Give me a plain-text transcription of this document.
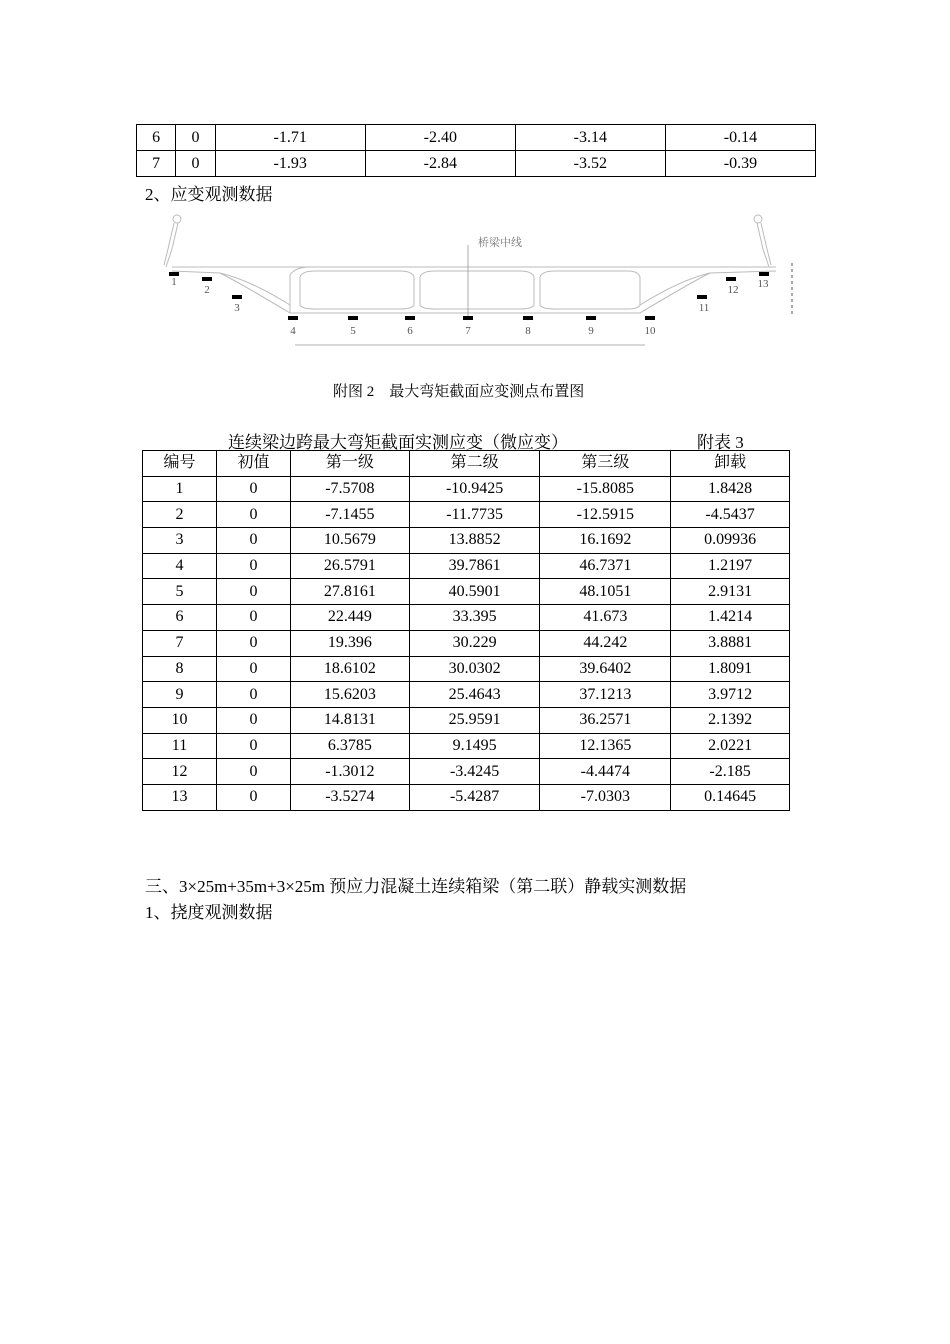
6	0	-1.71	-2.40	-3.14	-0.14
7	0	-1.93	-2.84	-3.52	-0.39
2、应变观测数据
桥梁中线
1
2
3
4	5	6	7	8	9	10
11
12 13
附图 2　最大弯矩截面应变测点布置图
连续梁边跨最大弯矩截面实测应变（微应变）	附表 3
编号	初值	第一级	第二级	第三级	卸载
1	0	-7.5708	-10.9425	-15.8085	1.8428
2	0	-7.1455	-11.7735	-12.5915	-4.5437
3	0	10.5679	13.8852	16.1692	0.09936
4	0	26.5791	39.7861	46.7371	1.2197
5	0	27.8161	40.5901	48.1051	2.9131
6	0	22.449	33.395	41.673	1.4214
7	0	19.396	30.229	44.242	3.8881
8	0	18.6102	30.0302	39.6402	1.8091
9	0	15.6203	25.4643	37.1213	3.9712
10	0	14.8131	25.9591	36.2571	2.1392
11	0	6.3785	9.1495	12.1365	2.0221
12	0	-1.3012	-3.4245	-4.4474	-2.185
13	0	-3.5274	-5.4287	-7.0303	0.14645
三、3×25m+35m+3×25m 预应力混凝土连续箱梁（第二联）静载实测数据
1、挠度观测数据
